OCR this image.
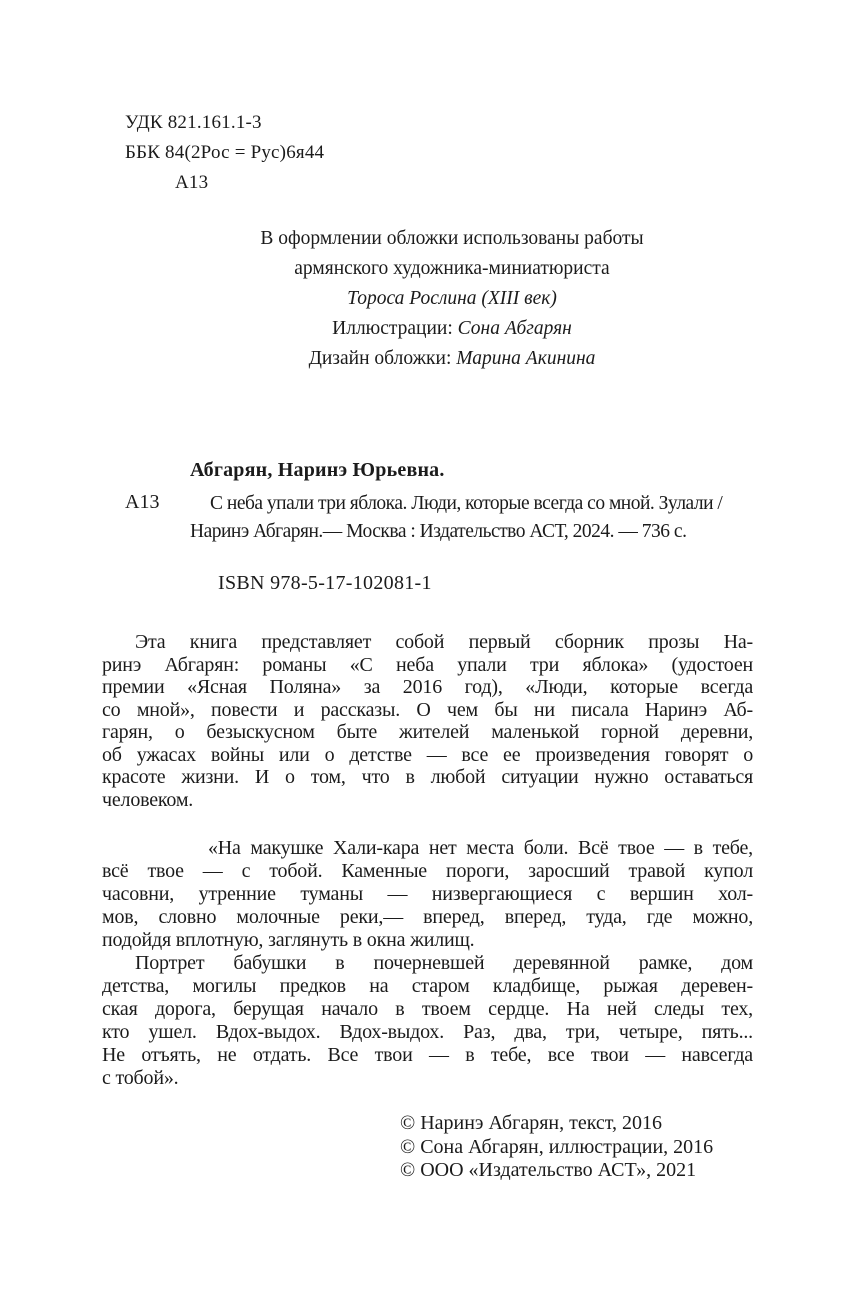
УДК 821.161.1-3
ББК 84(2Рос = Рус)6я44
А13
В оформлении обложки использованы работы
армянского художника-миниатюриста
Тороса Рослина (XIII век)
Иллюстрации: Сона Абгарян
Дизайн обложки: Марина Акинина
Абгарян, Наринэ Юрьевна.
А13	С неба упали три яблока. Люди, которые всегда со мной. Зулали /
Наринэ Абгарян.— Москва : Издательство АСТ, 2024. — 736 с.
ISBN 978-5-17-102081-1
Эта книга представляет собой первый сборник прозы На-
ринэ Абгарян: романы «С неба упали три яблока» (удостоен
премии «Ясная Поляна» за 2016 год), «Люди, которые всегда
со мной», повести и рассказы. О чем бы ни писала Наринэ Аб-
гарян, о безыскусном быте жителей маленькой горной деревни,
об ужасах войны или о детстве — все ее произведения говорят о
красоте жизни. И о том, что в любой ситуации нужно оставаться
человеком.
«На макушке Хали-кара нет места боли. Всё твое — в тебе,
всё твое — с тобой. Каменные пороги, заросший травой купол
часовни, утренние туманы — низвергающиеся с вершин хол-
мов, словно молочные реки,— вперед, вперед, туда, где можно,
подойдя вплотную, заглянуть в окна жилищ.
Портрет бабушки в почерневшей деревянной рамке, дом
детства, могилы предков на старом кладбище, рыжая деревен-
ская дорога, берущая начало в твоем сердце. На ней следы тех,
кто ушел. Вдох-выдох. Вдох-выдох. Раз, два, три, четыре, пять...
Не отъять, не отдать. Все твои — в тебе, все твои — навсегда
с тобой».
© Наринэ Абгарян, текст, 2016
© Сона Абгарян, иллюстрации, 2016
© ООО «Издательство АСТ», 2021
